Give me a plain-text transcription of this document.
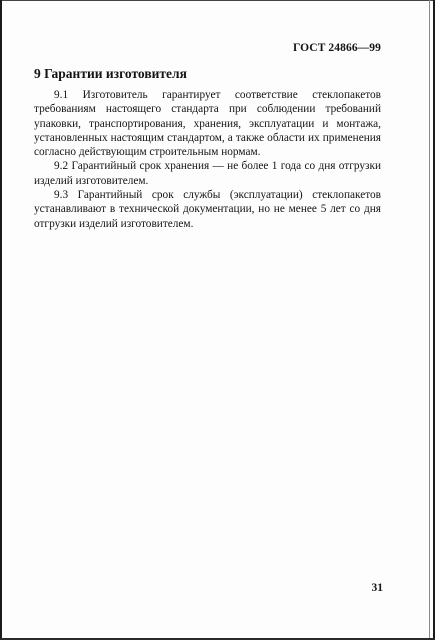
ГОСТ 24866—99
9 Гарантии изготовителя

9.1 Изготовитель гарантирует соответствие стеклопакетов требованиям настоящего стандарта при соблюдении требований упаковки, транспортирования, хранения, эксплуатации и монтажа, установленных настоящим стандартом, а также области их применения согласно действующим строительным нормам.

9.2 Гарантийный срок хранения — не более 1 года со дня отгрузки изделий изготовителем.

9.3 Гарантийный срок службы (эксплуатации) стеклопакетов устанавливают в технической документации, но не менее 5 лет со дня отгрузки изделий изготовителем.

31
